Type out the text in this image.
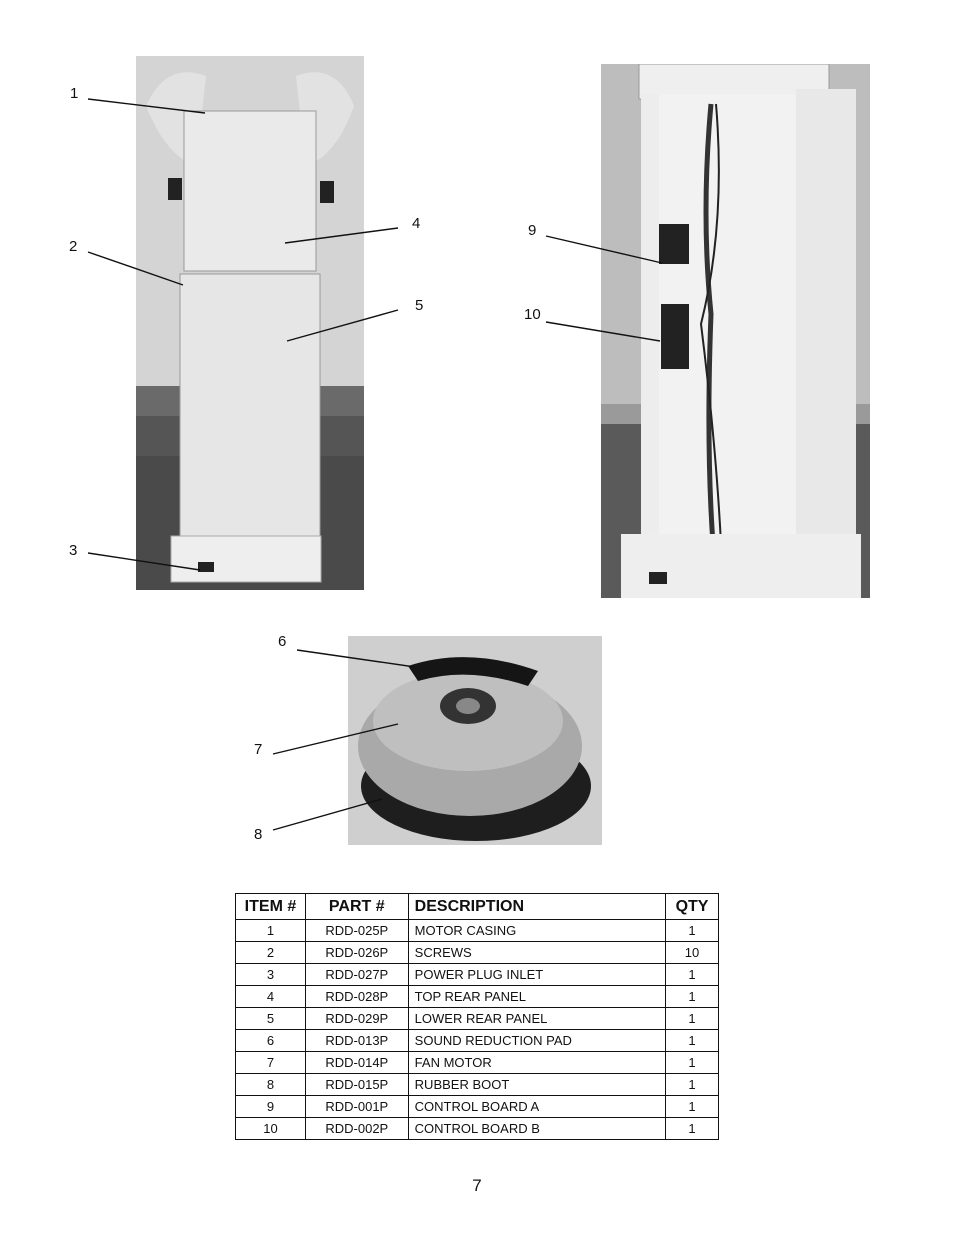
1
2
3
4
5
9
10
6
7
8
ITEM #	PART #	DESCRIPTION	QTY
1	RDD-025P	MOTOR CASING	1
2	RDD-026P	SCREWS	10
3	RDD-027P	POWER PLUG INLET	1
4	RDD-028P	TOP REAR PANEL	1
5	RDD-029P	LOWER REAR PANEL	1
6	RDD-013P	SOUND REDUCTION PAD	1
7	RDD-014P	FAN MOTOR	1
8	RDD-015P	RUBBER BOOT	1
9	RDD-001P	CONTROL BOARD A	1
10	RDD-002P	CONTROL BOARD B	1
7
